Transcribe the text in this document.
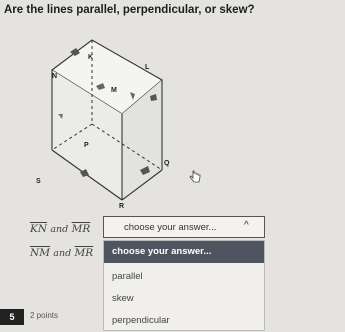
Are the lines parallel, perpendicular, or skew?
K
L
N
M
P
Q
S
R
$\overline{KN}$ and $\overline{MR}$
$\overline{NM}$ and $\overline{MR}$
choose your answer...	^
choose your answer...
parallel
skew
perpendicular
5	2 points
